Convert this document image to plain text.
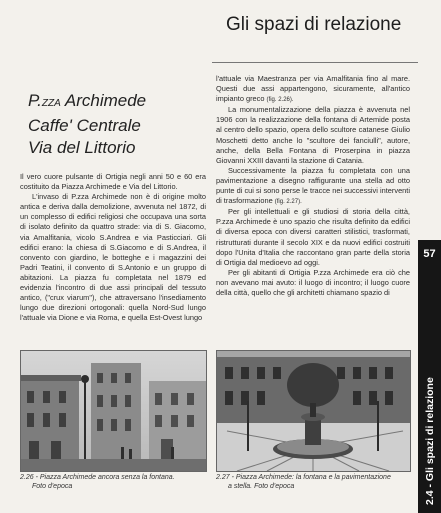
Gli spazi di relazione
P.ZZA Archimede
Caffe' Centrale
Via del Littorio

Il vero cuore pulsante di Ortigia negli anni 50 e 60 era costituito da Piazza Archimede e Via del Littorio.

L'invaso di P.zza Archimede non è di origine molto antica e deriva dalla demolizione, avvenuta nel 1872, di un complesso di edifici religiosi che occupava una sorta di isolato definito da quattro strade: via di S. Giacomo, via Amalfitania, vicolo S.Andrea e via Pasticciari. Gli edifici erano: la chiesa di S.Giacomo e di S.Andrea, il convento con giardino, le botteghe e i magazzini dei Padri Teatini, il convento di S.Antonio e un gruppo di abitazioni. La piazza fu completata nel 1879 ed evidenzia l'incontro di due assi principali del tessuto antico, ("crux viarum"), che attraversano l'insediamento lungo due direzioni ortogonali: quella Nord-Sud lungo l'attuale via Dione e via Roma, e quella Est-Ovest lungo

l'attuale via Maestranza per via Amalfitania fino al mare. Questi due assi appartengono, sicuramente, all'antico impianto greco (fig. 2.26).

La monumentalizzazione della piazza è avvenuta nel 1906 con la realizzazione della fontana di Artemide posta al centro dello spazio, opera dello scultore catanese Giulio Moschetti detto anche lo "scultore dei fanciulli", autore, anche, della Bella Fontana di Proserpina in piazza Giovanni XXIII davanti la stazione di Catania.

Successivamente la piazza fu completata con una pavimentazione a disegno raffigurante una stella ad otto punte di cui si sono perse le tracce nei successivi interventi di trasformazione (fig. 2.27).

Per gli intellettuali e gli studiosi di storia della città, P.zza Archimede è uno spazio che risulta definito da edifici di diversa epoca con diversi caratteri stilistici, trasformati, ristrutturati durante il secolo XIX e da nuovi edifici costruiti dopo l'Unita d'Italia che raccontano gran parte della storia di Ortigia dal medioevo ad oggi.

Per gli abitanti di Ortigia P.zza Archimede era ciò che non avevano mai avuto: il luogo di incontro; il luogo cuore della città, quello che gli architetti chiamano spazio di

2.26 - Piazza Archimede ancora senza la fontana.
Foto d'epoca
2.27 - Piazza Archimede: la fontana e la pavimentazione
a stella. Foto d'epoca
57
2.4 - Gli spazi di relazione
